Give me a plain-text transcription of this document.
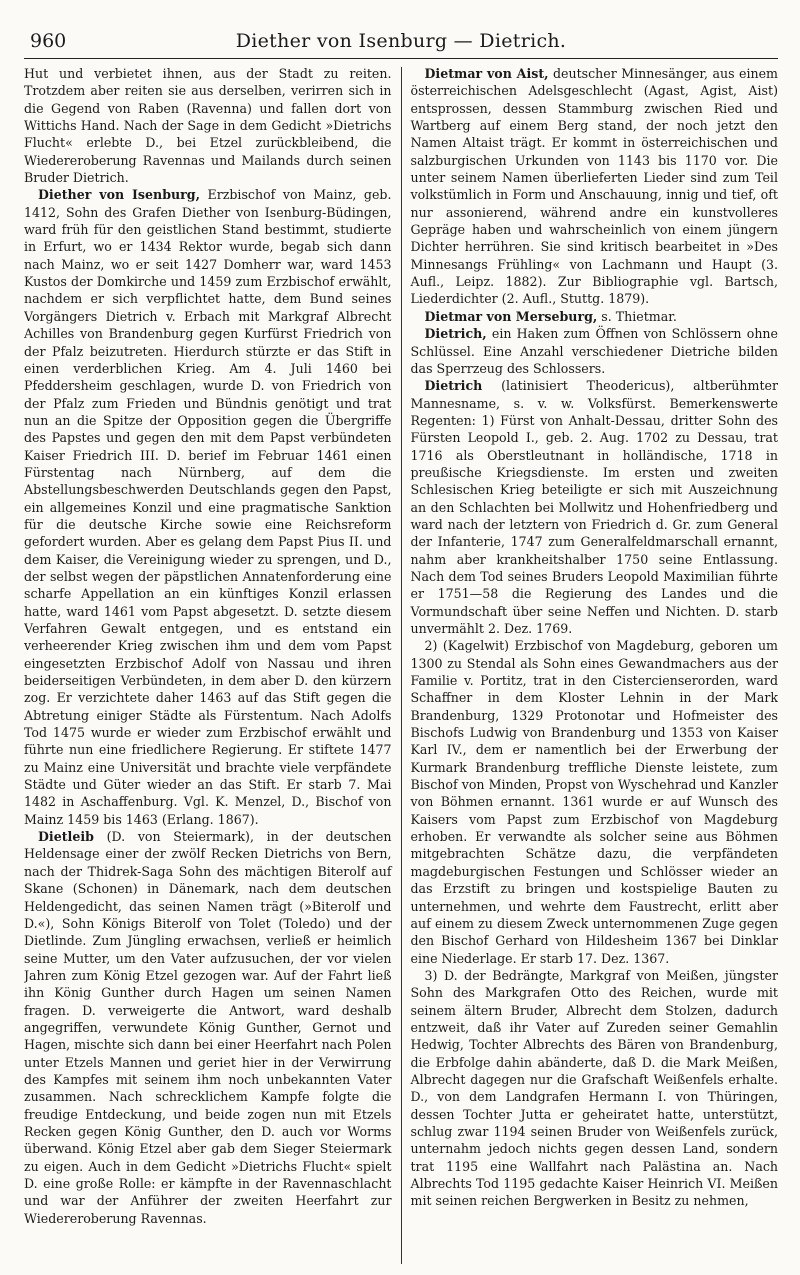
960	Diether von Isenburg — Dietrich.

Hut und verbietet ihnen, aus der Stadt zu reiten. Trotzdem aber reiten sie aus derselben, verirren sich in die Gegend von Raben (Ravenna) und fallen dort von Wittichs Hand. Nach der Sage in dem Gedicht »Dietrichs Flucht« erlebte D., bei Etzel zurückbleibend, die Wiedereroberung Ravennas und Mailands durch seinen Bruder Dietrich.

Diether von Isenburg, Erzbischof von Mainz, geb. 1412, Sohn des Grafen Diether von Isenburg-Büdingen, ward früh für den geistlichen Stand bestimmt, studierte in Erfurt, wo er 1434 Rektor wurde, begab sich dann nach Mainz, wo er seit 1427 Domherr war, ward 1453 Kustos der Domkirche und 1459 zum Erzbischof erwählt, nachdem er sich verpflichtet hatte, dem Bund seines Vorgängers Dietrich v. Erbach mit Markgraf Albrecht Achilles von Brandenburg gegen Kurfürst Friedrich von der Pfalz beizutreten. Hierdurch stürzte er das Stift in einen verderblichen Krieg. Am 4. Juli 1460 bei Pfeddersheim geschlagen, wurde D. von Friedrich von der Pfalz zum Frieden und Bündnis genötigt und trat nun an die Spitze der Opposition gegen die Übergriffe des Papstes und gegen den mit dem Papst verbündeten Kaiser Friedrich III. D. berief im Februar 1461 einen Fürstentag nach Nürnberg, auf dem die Abstellungsbeschwerden Deutschlands gegen den Papst, ein allgemeines Konzil und eine pragmatische Sanktion für die deutsche Kirche sowie eine Reichsreform gefordert wurden. Aber es gelang dem Papst Pius II. und dem Kaiser, die Vereinigung wieder zu sprengen, und D., der selbst wegen der päpstlichen Annatenforderung eine scharfe Appellation an ein künftiges Konzil erlassen hatte, ward 1461 vom Papst abgesetzt. D. setzte diesem Verfahren Gewalt entgegen, und es entstand ein verheerender Krieg zwischen ihm und dem vom Papst eingesetzten Erzbischof Adolf von Nassau und ihren beiderseitigen Verbündeten, in dem aber D. den kürzern zog. Er verzichtete daher 1463 auf das Stift gegen die Abtretung einiger Städte als Fürstentum. Nach Adolfs Tod 1475 wurde er wieder zum Erzbischof erwählt und führte nun eine friedlichere Regierung. Er stiftete 1477 zu Mainz eine Universität und brachte viele verpfändete Städte und Güter wieder an das Stift. Er starb 7. Mai 1482 in Aschaffenburg. Vgl. K. Menzel, D., Bischof von Mainz 1459 bis 1463 (Erlang. 1867).

Dietleib (D. von Steiermark), in der deutschen Heldensage einer der zwölf Recken Dietrichs von Bern, nach der Thidrek-Saga Sohn des mächtigen Biterolf auf Skane (Schonen) in Dänemark, nach dem deutschen Heldengedicht, das seinen Namen trägt (»Biterolf und D.«), Sohn Königs Biterolf von Tolet (Toledo) und der Dietlinde. Zum Jüngling erwachsen, verließ er heimlich seine Mutter, um den Vater aufzusuchen, der vor vielen Jahren zum König Etzel gezogen war. Auf der Fahrt ließ ihn König Gunther durch Hagen um seinen Namen fragen. D. verweigerte die Antwort, ward deshalb angegriffen, verwundete König Gunther, Gernot und Hagen, mischte sich dann bei einer Heerfahrt nach Polen unter Etzels Mannen und geriet hier in der Verwirrung des Kampfes mit seinem ihm noch unbekannten Vater zusammen. Nach schrecklichem Kampfe folgte die freudige Entdeckung, und beide zogen nun mit Etzels Recken gegen König Gunther, den D. auch vor Worms überwand. König Etzel aber gab dem Sieger Steiermark zu eigen. Auch in dem Gedicht »Dietrichs Flucht« spielt D. eine große Rolle: er kämpfte in der Ravennaschlacht und war der Anführer der zweiten Heerfahrt zur Wiedereroberung Ravennas.

Dietmar von Aist, deutscher Minnesänger, aus einem österreichischen Adelsgeschlecht (Agast, Agist, Aist) entsprossen, dessen Stammburg zwischen Ried und Wartberg auf einem Berg stand, der noch jetzt den Namen Altaist trägt. Er kommt in österreichischen und salzburgischen Urkunden von 1143 bis 1170 vor. Die unter seinem Namen überlieferten Lieder sind zum Teil volkstümlich in Form und Anschauung, innig und tief, oft nur assonierend, während andre ein kunstvolleres Gepräge haben und wahrscheinlich von einem jüngern Dichter herrühren. Sie sind kritisch bearbeitet in »Des Minnesangs Frühling« von Lachmann und Haupt (3. Aufl., Leipz. 1882). Zur Bibliographie vgl. Bartsch, Liederdichter (2. Aufl., Stuttg. 1879).

Dietmar von Merseburg, s. Thietmar.

Dietrich, ein Haken zum Öffnen von Schlössern ohne Schlüssel. Eine Anzahl verschiedener Dietriche bilden das Sperrzeug des Schlossers.

Dietrich (latinisiert Theodericus), altberühmter Mannesname, s. v. w. Volksfürst. Bemerkenswerte Regenten: 1) Fürst von Anhalt-Dessau, dritter Sohn des Fürsten Leopold I., geb. 2. Aug. 1702 zu Dessau, trat 1716 als Oberstleutnant in holländische, 1718 in preußische Kriegsdienste. Im ersten und zweiten Schlesischen Krieg beteiligte er sich mit Auszeichnung an den Schlachten bei Mollwitz und Hohenfriedberg und ward nach der letztern von Friedrich d. Gr. zum General der Infanterie, 1747 zum Generalfeldmarschall ernannt, nahm aber krankheitshalber 1750 seine Entlassung. Nach dem Tod seines Bruders Leopold Maximilian führte er 1751—58 die Regierung des Landes und die Vormundschaft über seine Neffen und Nichten. D. starb unvermählt 2. Dez. 1769.

2) (Kagelwit) Erzbischof von Magdeburg, geboren um 1300 zu Stendal als Sohn eines Gewandmachers aus der Familie v. Portitz, trat in den Cistercienserorden, ward Schaffner in dem Kloster Lehnin in der Mark Brandenburg, 1329 Protonotar und Hofmeister des Bischofs Ludwig von Brandenburg und 1353 von Kaiser Karl IV., dem er namentlich bei der Erwerbung der Kurmark Brandenburg treffliche Dienste leistete, zum Bischof von Minden, Propst von Wyschehrad und Kanzler von Böhmen ernannt. 1361 wurde er auf Wunsch des Kaisers vom Papst zum Erzbischof von Magdeburg erhoben. Er verwandte als solcher seine aus Böhmen mitgebrachten Schätze dazu, die verpfändeten magdeburgischen Festungen und Schlösser wieder an das Erzstift zu bringen und kostspielige Bauten zu unternehmen, und wehrte dem Faustrecht, erlitt aber auf einem zu diesem Zweck unternommenen Zuge gegen den Bischof Gerhard von Hildesheim 1367 bei Dinklar eine Niederlage. Er starb 17. Dez. 1367.

3) D. der Bedrängte, Markgraf von Meißen, jüngster Sohn des Markgrafen Otto des Reichen, wurde mit seinem ältern Bruder, Albrecht dem Stolzen, dadurch entzweit, daß ihr Vater auf Zureden seiner Gemahlin Hedwig, Tochter Albrechts des Bären von Brandenburg, die Erbfolge dahin abänderte, daß D. die Mark Meißen, Albrecht dagegen nur die Grafschaft Weißenfels erhalte. D., von dem Landgrafen Hermann I. von Thüringen, dessen Tochter Jutta er geheiratet hatte, unterstützt, schlug zwar 1194 seinen Bruder von Weißenfels zurück, unternahm jedoch nichts gegen dessen Land, sondern trat 1195 eine Wallfahrt nach Palästina an. Nach Albrechts Tod 1195 gedachte Kaiser Heinrich VI. Meißen mit seinen reichen Bergwerken in Besitz zu nehmen,
